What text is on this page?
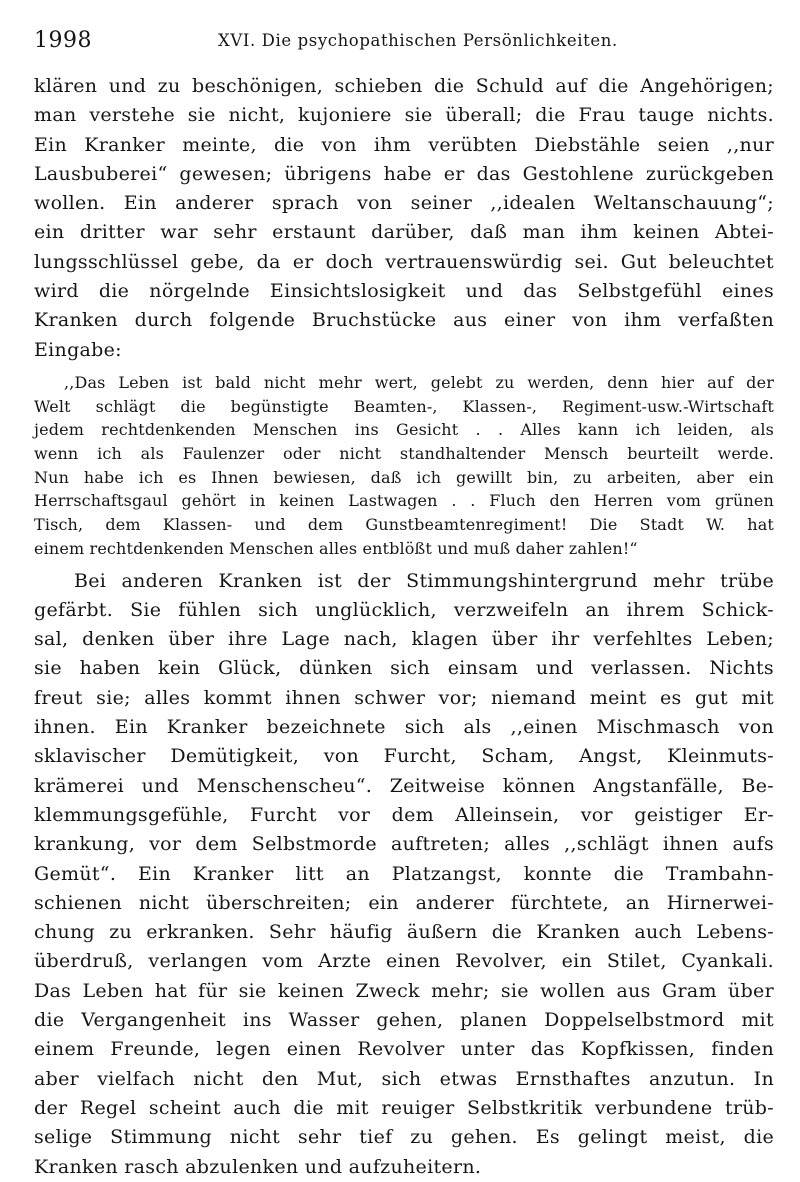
1998	XVI. Die psychopathischen Persönlichkeiten.
klären und zu beschönigen, schieben die Schuld auf die Angehörigen;
man verstehe sie nicht, kujoniere sie überall; die Frau tauge nichts.
Ein Kranker meinte, die von ihm verübten Diebstähle seien ,,nur
Lausbuberei“ gewesen; übrigens habe er das Gestohlene zurückgeben
wollen. Ein anderer sprach von seiner ,,idealen Weltanschauung“;
ein dritter war sehr erstaunt darüber, daß man ihm keinen Abtei-
lungsschlüssel gebe, da er doch vertrauenswürdig sei. Gut beleuchtet
wird die nörgelnde Einsichtslosigkeit und das Selbstgefühl eines
Kranken durch folgende Bruchstücke aus einer von ihm verfaßten
Eingabe:
,,Das Leben ist bald nicht mehr wert, gelebt zu werden, denn hier auf der
Welt schlägt die begünstigte Beamten-, Klassen-, Regiment-usw.-Wirtschaft
jedem rechtdenkenden Menschen ins Gesicht . . Alles kann ich leiden, als
wenn ich als Faulenzer oder nicht standhaltender Mensch beurteilt werde.
Nun habe ich es Ihnen bewiesen, daß ich gewillt bin, zu arbeiten, aber ein
Herrschaftsgaul gehört in keinen Lastwagen . . Fluch den Herren vom grünen
Tisch, dem Klassen- und dem Gunstbeamtenregiment! Die Stadt W. hat
einem rechtdenkenden Menschen alles entblößt und muß daher zahlen!“
Bei anderen Kranken ist der Stimmungshintergrund mehr trübe
gefärbt. Sie fühlen sich unglücklich, verzweifeln an ihrem Schick-
sal, denken über ihre Lage nach, klagen über ihr verfehltes Leben;
sie haben kein Glück, dünken sich einsam und verlassen. Nichts
freut sie; alles kommt ihnen schwer vor; niemand meint es gut mit
ihnen. Ein Kranker bezeichnete sich als ,,einen Mischmasch von
sklavischer Demütigkeit, von Furcht, Scham, Angst, Kleinmuts-
krämerei und Menschenscheu“. Zeitweise können Angstanfälle, Be-
klemmungsgefühle, Furcht vor dem Alleinsein, vor geistiger Er-
krankung, vor dem Selbstmorde auftreten; alles ,,schlägt ihnen aufs
Gemüt“. Ein Kranker litt an Platzangst, konnte die Trambahn-
schienen nicht überschreiten; ein anderer fürchtete, an Hirnerwei-
chung zu erkranken. Sehr häufig äußern die Kranken auch Lebens-
überdruß, verlangen vom Arzte einen Revolver, ein Stilet, Cyankali.
Das Leben hat für sie keinen Zweck mehr; sie wollen aus Gram über
die Vergangenheit ins Wasser gehen, planen Doppelselbstmord mit
einem Freunde, legen einen Revolver unter das Kopfkissen, finden
aber vielfach nicht den Mut, sich etwas Ernsthaftes anzutun. In
der Regel scheint auch die mit reuiger Selbstkritik verbundene trüb-
selige Stimmung nicht sehr tief zu gehen. Es gelingt meist, die
Kranken rasch abzulenken und aufzuheitern.
